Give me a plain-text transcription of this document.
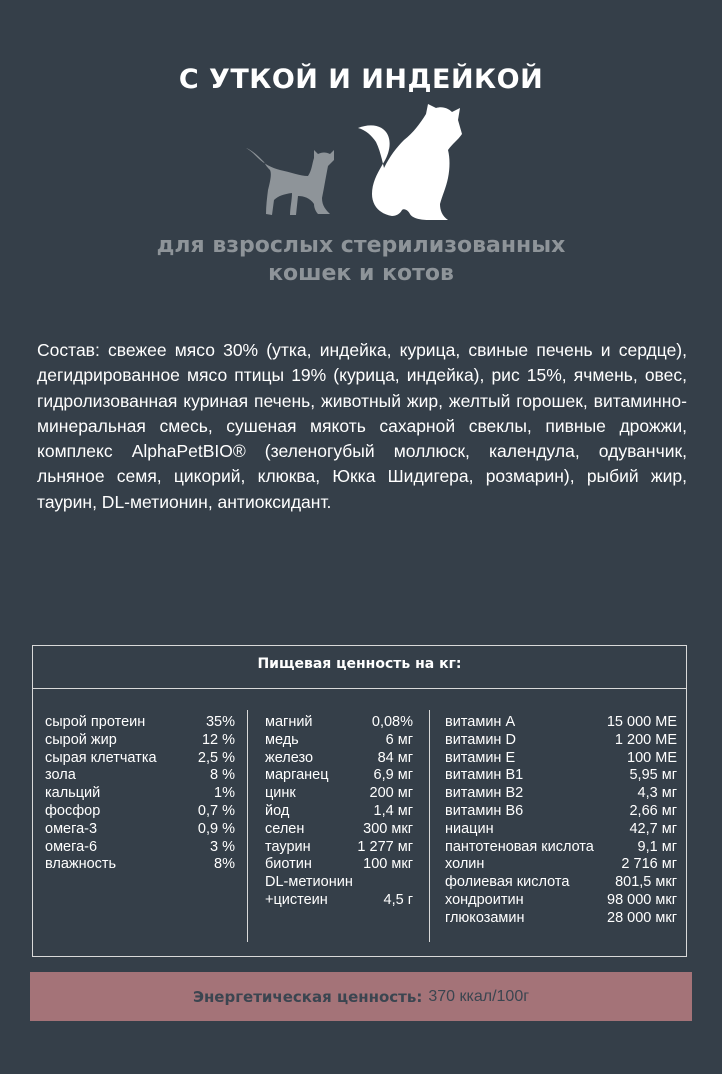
С УТКОЙ И ИНДЕЙКОЙ
для взрослых стерилизованных
кошек и котов
Состав: свежее мясо 30% (утка, индейка, курица, свиные печень и сердце), дегидрированное мясо птицы 19% (курица, индейка), рис 15%, ячмень, овес, гидролизованная куриная печень, животный жир, желтый горошек, витаминно-минеральная смесь, сушеная мякоть сахарной свеклы, пивные дрожжи, комплекс AlphaPetBIO® (зеленогубый моллюск, календула, одуванчик, льняное семя, цикорий, клюква, Юкка Шидигера, розмарин), рыбий жир, таурин, DL-метионин, антиоксидант.
Пищевая ценность на кг:
сырой протеин	35%
сырой жир	12 %
сырая клетчатка	2,5 %
зола	8 %
кальций	1%
фосфор	0,7 %
омега-3	0,9 %
омега-6	3 %
влажность	8%
магний	0,08%
медь	6 мг
железо	84 мг
марганец	6,9 мг
цинк	200 мг
йод	1,4 мг
селен	300 мкг
таурин	1 277 мг
биотин	100 мкг
DL-метионин
+цистеин	4,5 г
витамин А	15 000 МЕ
витамин D	1 200 МЕ
витамин Е	100 МЕ
витамин В1	5,95 мг
витамин В2	4,3 мг
витамин В6	2,66 мг
ниацин	42,7 мг
пантотеновая кислота	9,1 мг
холин	2 716 мг
фолиевая кислота	801,5 мкг
хондроитин	98 000 мкг
глюкозамин	28 000 мкг
Энергетическая ценность: 370 ккал/100г
